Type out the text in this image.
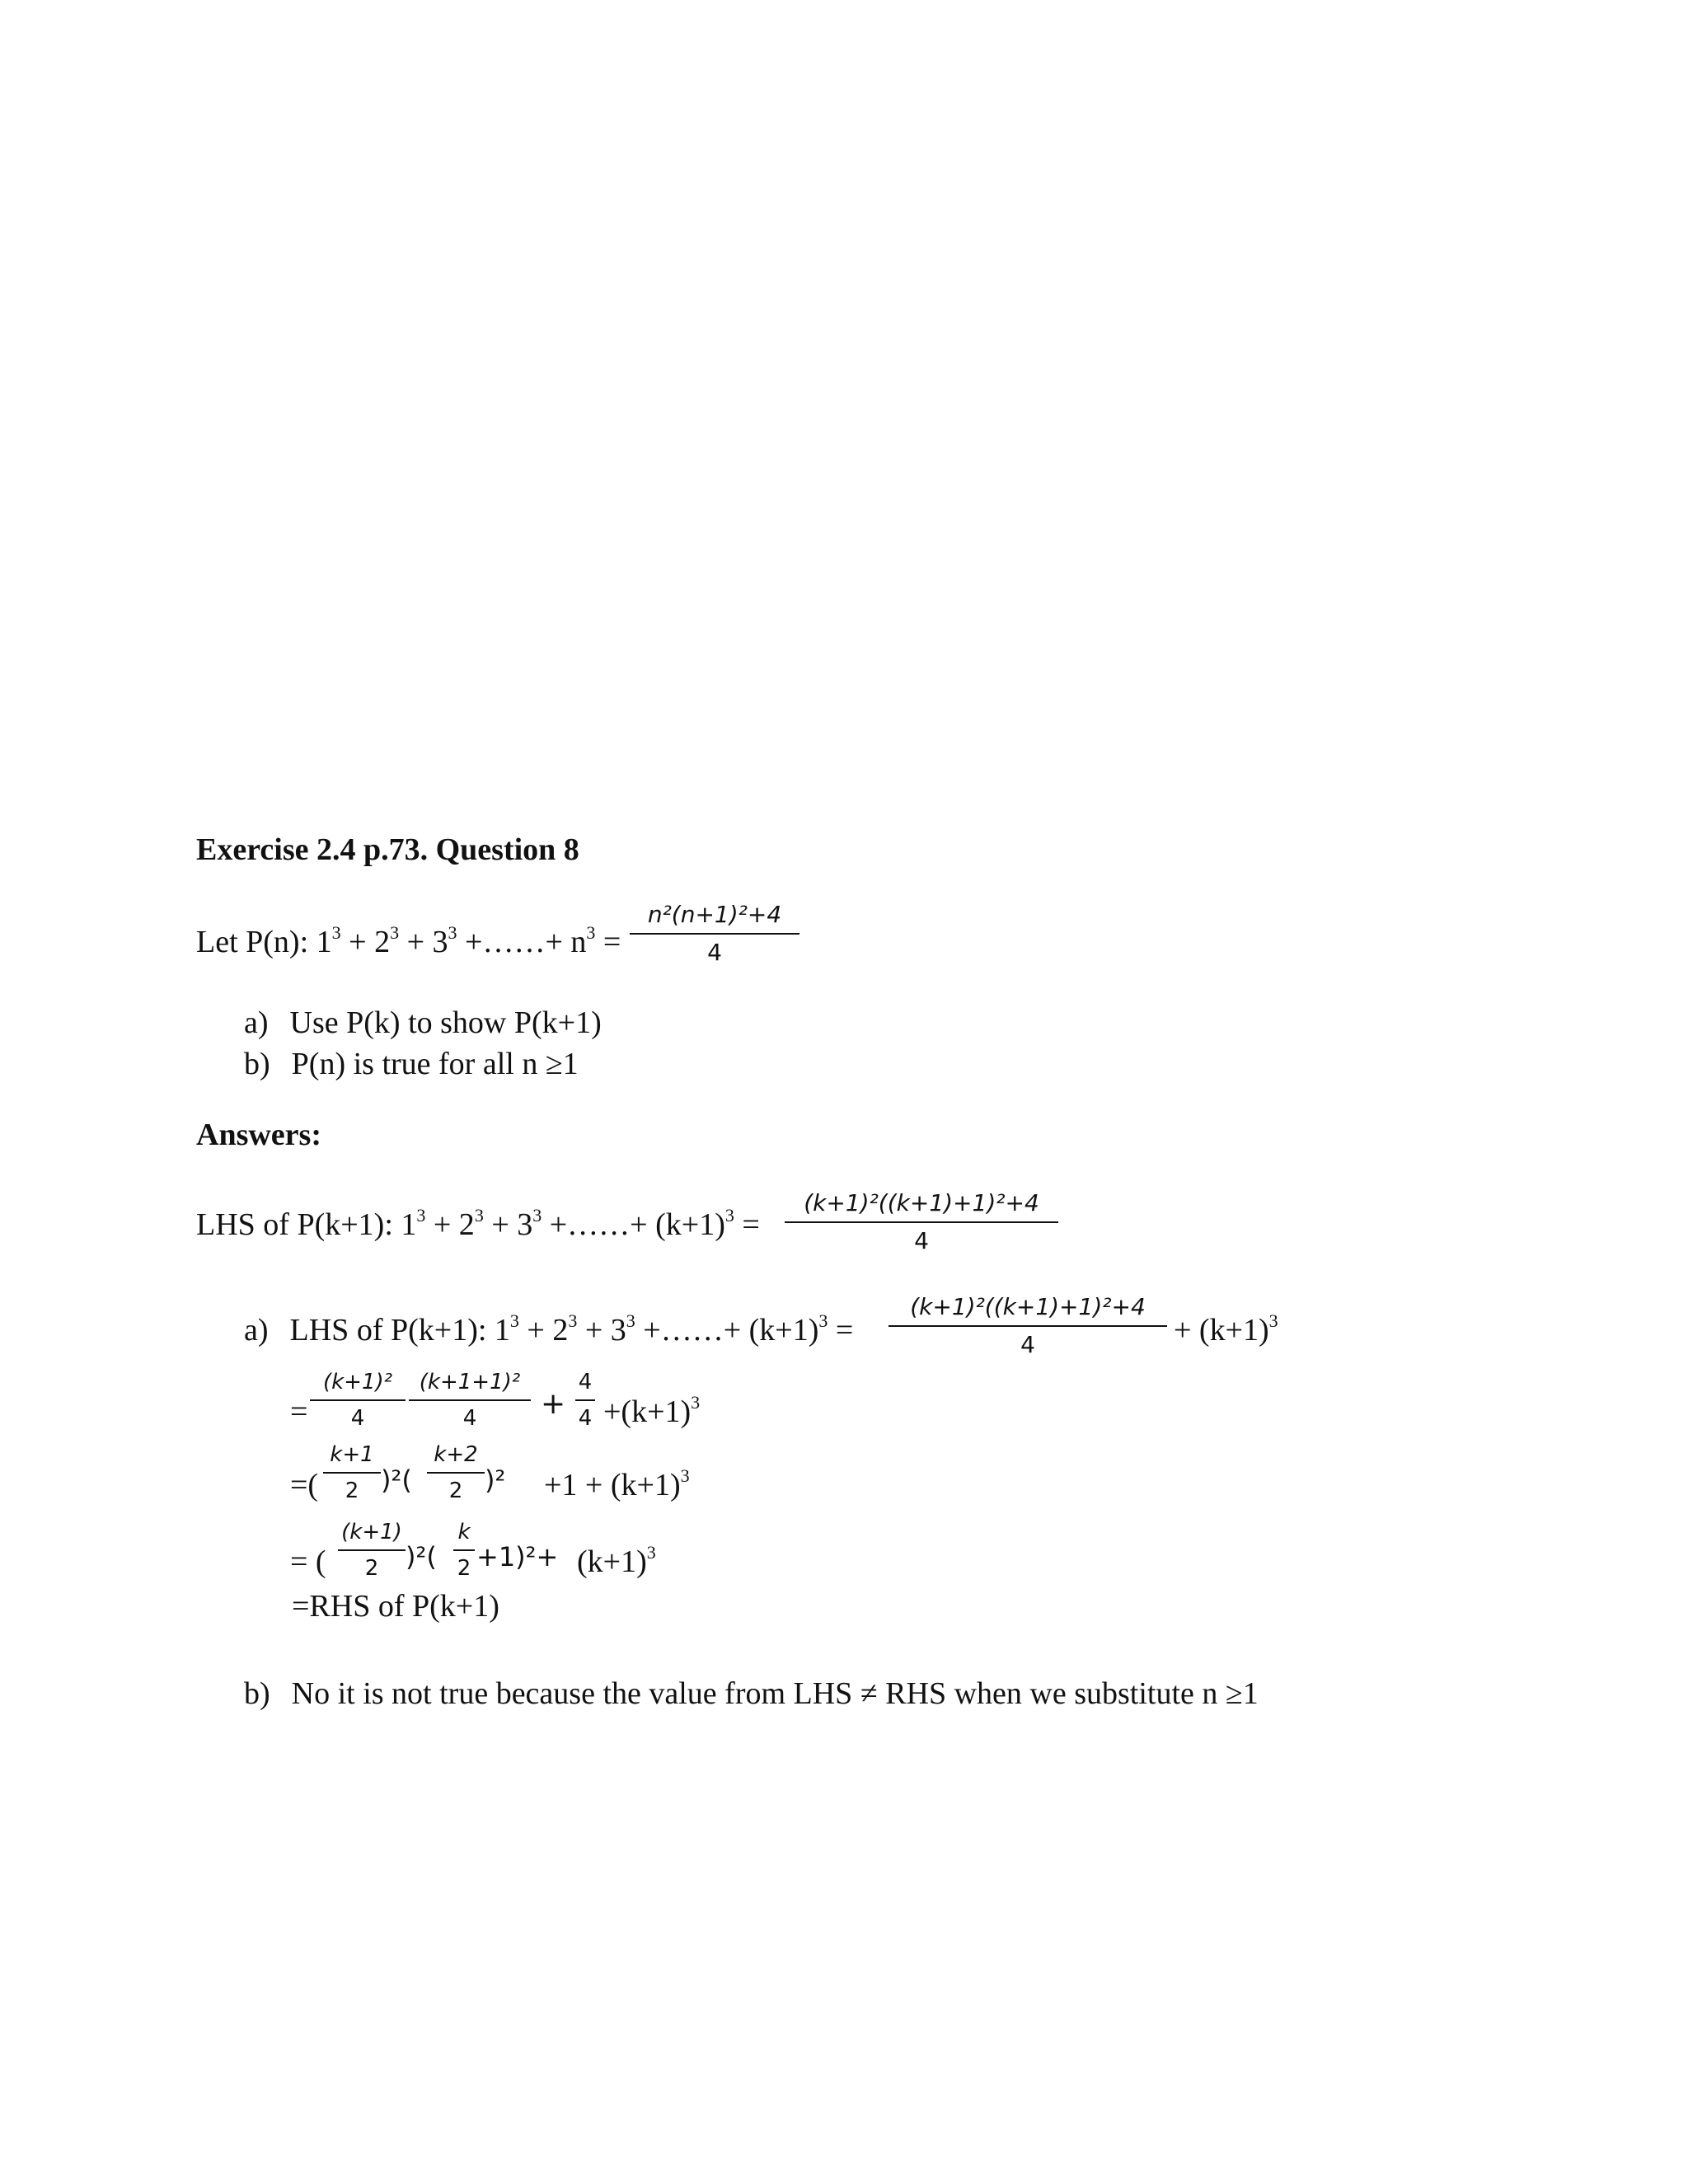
Exercise 2.4 p.73. Question 8
Let P(n): $1^3 + 2^3 + 3^3$ +……+ $n^3$ =
n²(n+1)²+4
4
a) Use P(k) to show P(k+1)
b) P(n) is true for all n ≥1
Answers:
LHS of P(k+1): $1^3 + 2^3 + 3^3$ +……+ $(k+1)^3$ =
(k+1)²((k+1)+1)²+4
4
a) LHS of P(k+1): $1^3 + 2^3 + 3^3$ +……+ $(k+1)^3$ =
(k+1)²((k+1)+1)²+4
4	+ $(k+1)^3$
=
(k+1)²
4
(k+1+1)²
4	+
4
$4 +(k+1)^3$
=(
k+1
2 )²(
k+2
2 )$^2 +1 + (k+1)^3$
= (
(k+1)
2	)²(
k
$2 +1)^2+ (k+1)^3$
=RHS of P(k+1)
b) No it is not true because the value from LHS ≠ RHS when we substitute n ≥1
